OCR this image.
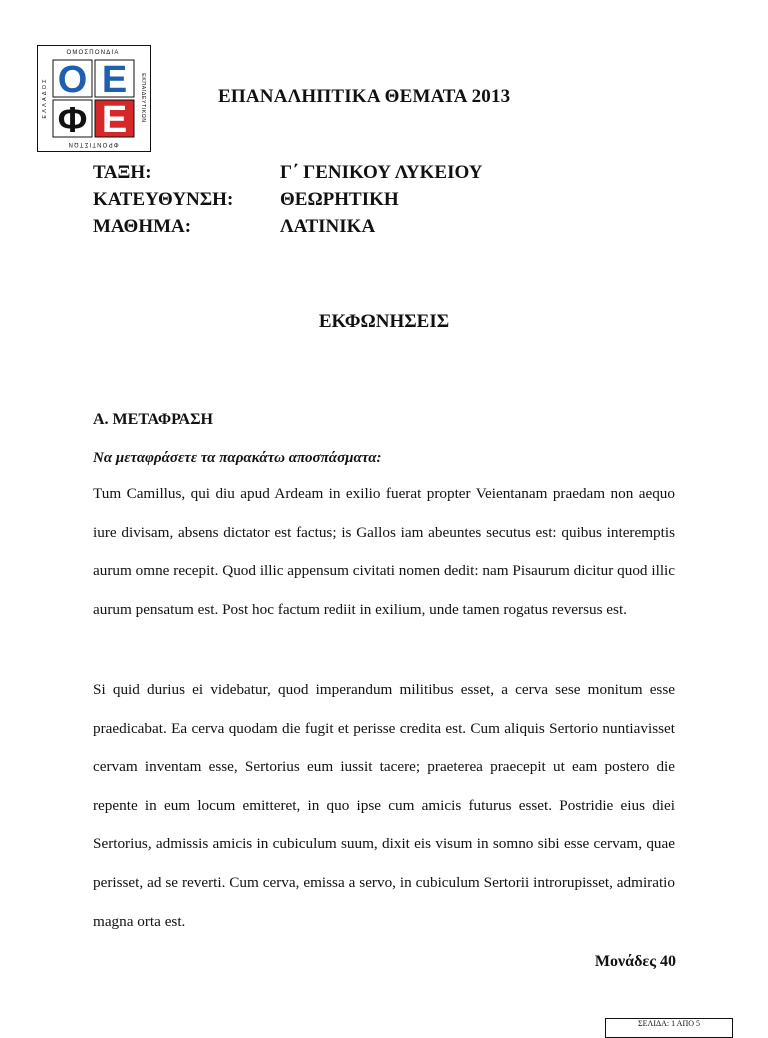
ΟΜΟΣΠΟΝΔΙΑ
ΦΡΟΝΤΙΣΤΩΝ
ΕΚΠΑΙΔΕΥΤΙΚΩΝ
ΕΛΛΑΔΟΣ Ο Ε
Φ Ε
ΕΠΑΝΑΛΗΠΤΙΚΑ ΘΕΜΑΤΑ 2013
ΤΑΞΗ:	Γ΄ ΓΕΝΙΚΟΥ ΛΥΚΕΙΟΥ
ΚΑΤΕΥΘΥΝΣΗ: ΘΕΩΡΗΤΙΚΗ
ΜΑΘΗΜΑ:	ΛΑΤΙΝΙΚΑ
ΕΚΦΩΝΗΣΕΙΣ
Α. ΜΕΤΑΦΡΑΣΗ
Να μεταφράσετε τα παρακάτω αποσπάσματα:

Tum Camillus, qui diu apud Ardeam in exilio fuerat propter Veientanam praedam non aequo iure divisam, absens dictator est factus; is Gallos iam abeuntes secutus est: quibus interemptis aurum omne recepit. Quod illic appensum civitati nomen dedit: nam Pisaurum dicitur quod illic aurum pensatum est. Post hoc factum rediit in exilium, unde tamen rogatus reversus est.

Si quid durius ei videbatur, quod imperandum militibus esset, a cerva sese monitum esse praedicabat. Ea cerva quodam die fugit et perisse credita est. Cum aliquis Sertorio nuntiavisset cervam inventam esse, Sertorius eum iussit tacere; praeterea praecepit ut eam postero die repente in eum locum emitteret, in quo ipse cum amicis futurus esset. Postridie eius diei Sertorius, admissis amicis in cubiculum suum, dixit eis visum in somno sibi esse cervam, quae perisset, ad se reverti. Cum cerva, emissa a servo, in cubiculum Sertorii introrupisset, admiratio magna orta est.

Μονάδες 40
ΣΕΛΙΔΑ: 1 ΑΠΟ 5
